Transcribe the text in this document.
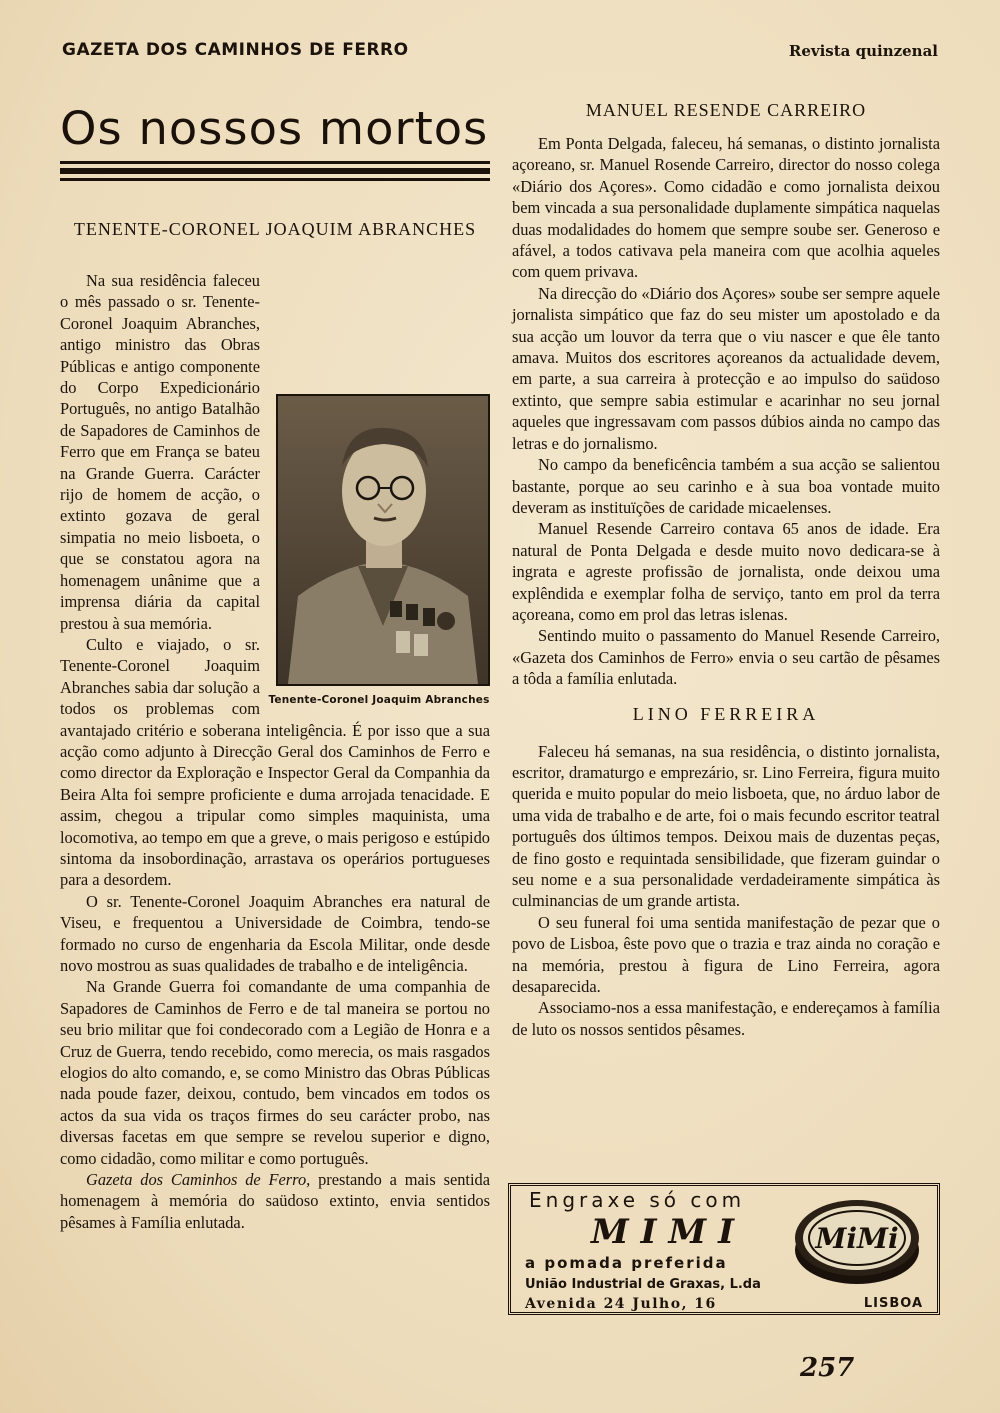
GAZETA DOS CAMINHOS DE FERRO	Revista quinzenal
Os nossos mortos
TENENTE-CORONEL JOAQUIM ABRANCHES
Tenente-Coronel Joaquim Abranches

Na sua residência faleceu o mês passado o sr. Tenente-Coronel Joaquim Abranches, antigo ministro das Obras Públicas e antigo componente do Corpo Expedicionário Português, no antigo Batalhão de Sapadores de Caminhos de Ferro que em França se bateu na Grande Guerra. Carácter rijo de homem de acção, o extinto gozava de geral simpatia no meio lisboeta, o que se constatou agora na homenagem unânime que a imprensa diária da capital prestou à sua memória.

Culto e viajado, o sr. Tenente-Coronel Joaquim Abranches sabia dar solução a todos os problemas com avantajado critério e soberana inteligência. É por isso que a sua acção como adjunto à Direcção Geral dos Caminhos de Ferro e como director da Exploração e Inspector Geral da Companhia da Beira Alta foi sempre proficiente e duma arrojada tenacidade. E assim, chegou a tripular como simples maquinista, uma locomotiva, ao tempo em que a greve, o mais perigoso e estúpido sintoma da insobordinação, arrastava os operários portugueses para a desordem.

O sr. Tenente-Coronel Joaquim Abranches era natural de Viseu, e frequentou a Universidade de Coimbra, tendo-se formado no curso de engenharia da Escola Militar, onde desde novo mostrou as suas qualidades de trabalho e de inteligência.

Na Grande Guerra foi comandante de uma companhia de Sapadores de Caminhos de Ferro e de tal maneira se portou no seu brio militar que foi condecorado com a Legião de Honra e a Cruz de Guerra, tendo recebido, como merecia, os mais rasgados elogios do alto comando, e, se como Ministro das Obras Públicas nada poude fazer, deixou, contudo, bem vincados em todos os actos da sua vida os traços firmes do seu carácter probo, nas diversas facetas em que sempre se revelou superior e digno, como cidadão, como militar e como português.

Gazeta dos Caminhos de Ferro, prestando a mais sentida homenagem à memória do saüdoso extinto, envia sentidos pêsames à Família enlutada.

MANUEL RESENDE CARREIRO

Em Ponta Delgada, faleceu, há semanas, o distinto jornalista açoreano, sr. Manuel Rosende Carreiro, director do nosso colega «Diário dos Açores». Como cidadão e como jornalista deixou bem vincada a sua personalidade duplamente simpática naquelas duas modalidades do homem que sempre soube ser. Generoso e afável, a todos cativava pela maneira com que acolhia aqueles com quem privava.

Na direcção do «Diário dos Açores» soube ser sempre aquele jornalista simpático que faz do seu mister um apostolado e da sua acção um louvor da terra que o viu nascer e que êle tanto amava. Muitos dos escritores açoreanos da actualidade devem, em parte, a sua carreira à protecção e ao impulso do saüdoso extinto, que sempre sabia estimular e acarinhar no seu jornal aqueles que ingressavam com passos dúbios ainda no campo das letras e do jornalismo.

No campo da beneficência também a sua acção se salientou bastante, porque ao seu carinho e à sua boa vontade muito deveram as instituïções de caridade micaelenses.

Manuel Resende Carreiro contava 65 anos de idade. Era natural de Ponta Delgada e desde muito novo dedicara-se à ingrata e agreste profissão de jornalista, onde deixou uma explêndida e exemplar folha de serviço, tanto em prol da terra açoreana, como em prol das letras islenas.

Sentindo muito o passamento do Manuel Resende Carreiro, «Gazeta dos Caminhos de Ferro» envia o seu cartão de pêsames a tôda a família enlutada.

LINO FERREIRA

Faleceu há semanas, na sua residência, o distinto jornalista, escritor, dramaturgo e emprezário, sr. Lino Ferreira, figura muito querida e muito popular do meio lisboeta, que, no árduo labor de uma vida de trabalho e de arte, foi o mais fecundo escritor teatral português dos últimos tempos. Deixou mais de duzentas peças, de fino gosto e requintada sensibilidade, que fizeram guindar o seu nome e a sua personalidade verdadeiramente simpática às culminancias de um grande artista.

O seu funeral foi uma sentida manifestação de pezar que o povo de Lisboa, êste povo que o trazia e traz ainda no coração e na memória, prestou à figura de Lino Ferreira, agora desaparecida.

Associamo-nos a essa manifestação, e endereçamos à família de luto os nossos sentidos pêsames.

Engraxe só com
MIMI
a pomada preferida
União Industrial de Graxas, L.da
Avenida 24 Julho, 16	LISBOA
MiMi
257
